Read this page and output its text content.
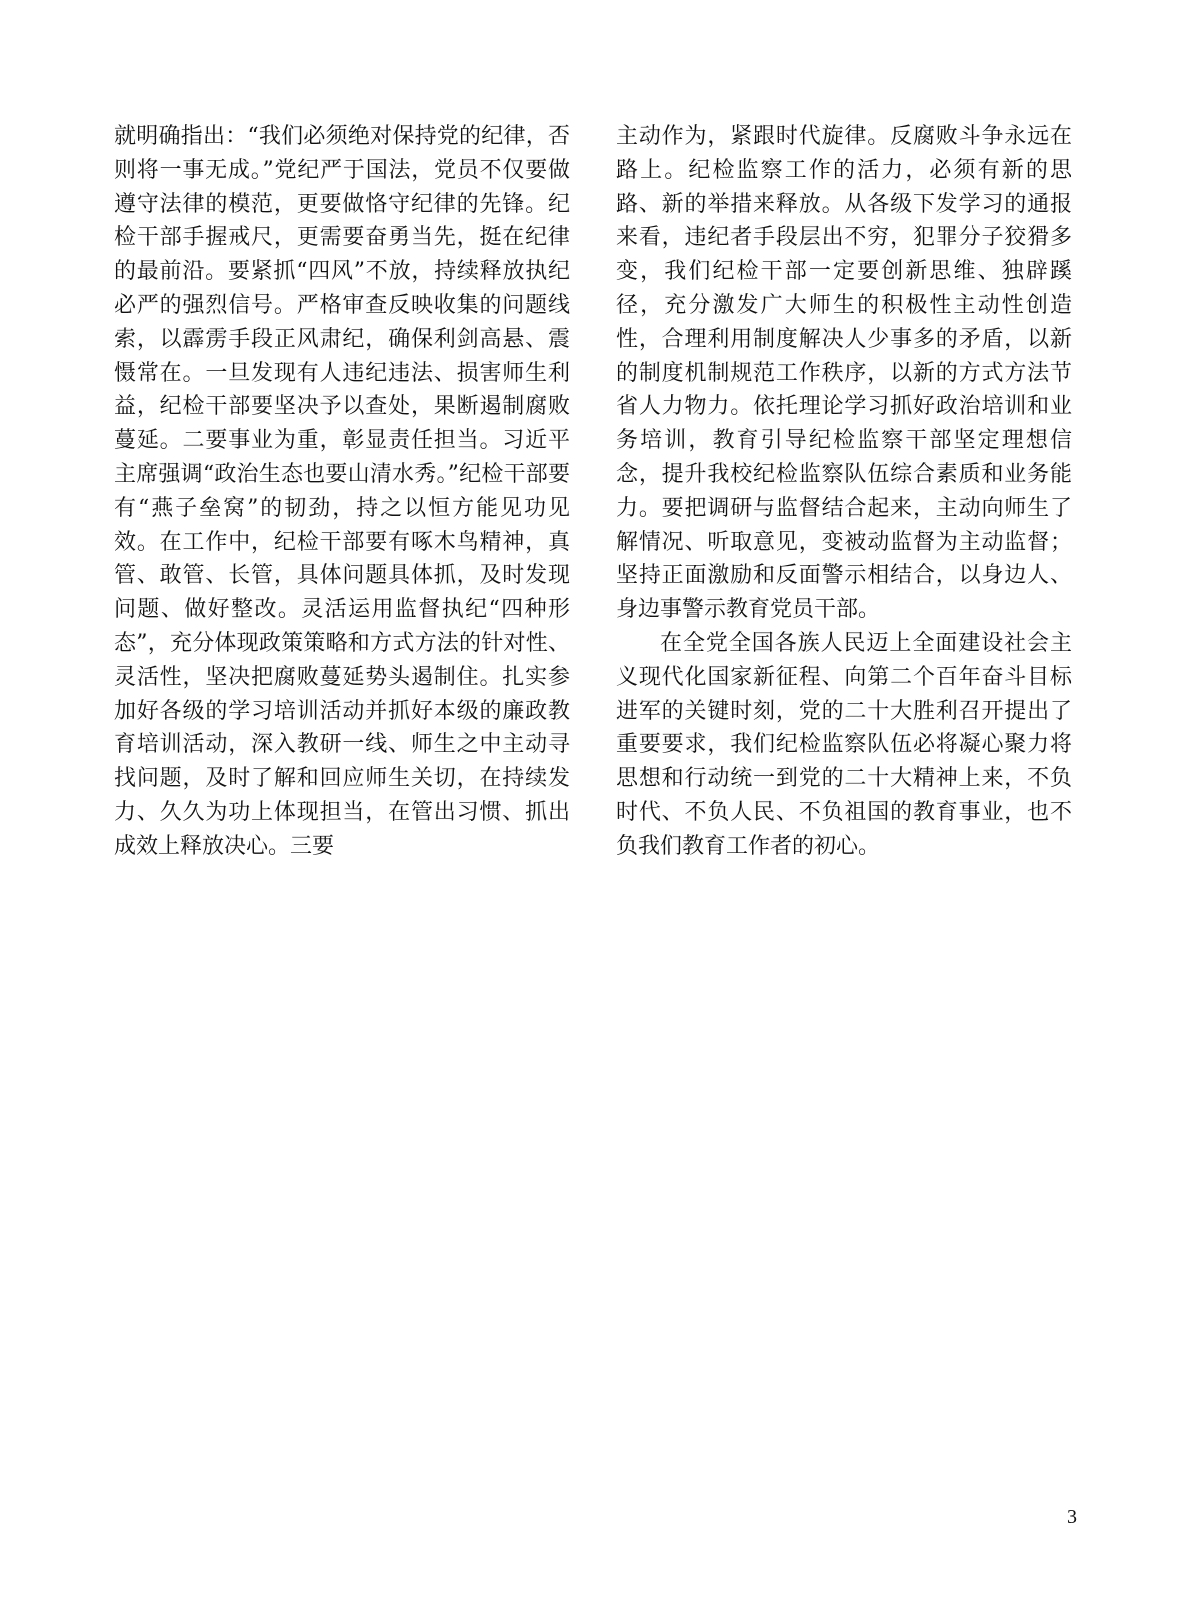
就明确指出：“我们必须绝对保持党的纪律，否则将一事无成。”党纪严于国法，党员不仅要做遵守法律的模范，更要做恪守纪律的先锋。纪检干部手握戒尺，更需要奋勇当先，挺在纪律的最前沿。要紧抓“四风”不放，持续释放执纪必严的强烈信号。严格审查反映收集的问题线索，以霹雳手段正风肃纪，确保利剑高悬、震慑常在。一旦发现有人违纪违法、损害师生利益，纪检干部要坚决予以查处，果断遏制腐败蔓延。二要事业为重，彰显责任担当。习近平主席强调“政治生态也要山清水秀。”纪检干部要有“燕子垒窝”的韧劲，持之以恒方能见功见效。在工作中，纪检干部要有啄木鸟精神，真管、敢管、长管，具体问题具体抓，及时发现问题、做好整改。灵活运用监督执纪“四种形态”，充分体现政策策略和方式方法的针对性、灵活性，坚决把腐败蔓延势头遏制住。扎实参加好各级的学习培训活动并抓好本级的廉政教育培训活动，深入教研一线、师生之中主动寻找问题，及时了解和回应师生关切，在持续发力、久久为功上体现担当，在管出习惯、抓出成效上释放决心。三要

主动作为，紧跟时代旋律。反腐败斗争永远在路上。纪检监察工作的活力，必须有新的思路、新的举措来释放。从各级下发学习的通报来看，违纪者手段层出不穷，犯罪分子狡猾多变，我们纪检干部一定要创新思维、独辟蹊径，充分激发广大师生的积极性主动性创造性，合理利用制度解决人少事多的矛盾，以新的制度机制规范工作秩序，以新的方式方法节省人力物力。依托理论学习抓好政治培训和业务培训，教育引导纪检监察干部坚定理想信念，提升我校纪检监察队伍综合素质和业务能力。要把调研与监督结合起来，主动向师生了解情况、听取意见，变被动监督为主动监督；坚持正面激励和反面警示相结合，以身边人、身边事警示教育党员干部。

在全党全国各族人民迈上全面建设社会主义现代化国家新征程、向第二个百年奋斗目标进军的关键时刻，党的二十大胜利召开提出了重要要求，我们纪检监察队伍必将凝心聚力将思想和行动统一到党的二十大精神上来，不负时代、不负人民、不负祖国的教育事业，也不负我们教育工作者的初心。

3
